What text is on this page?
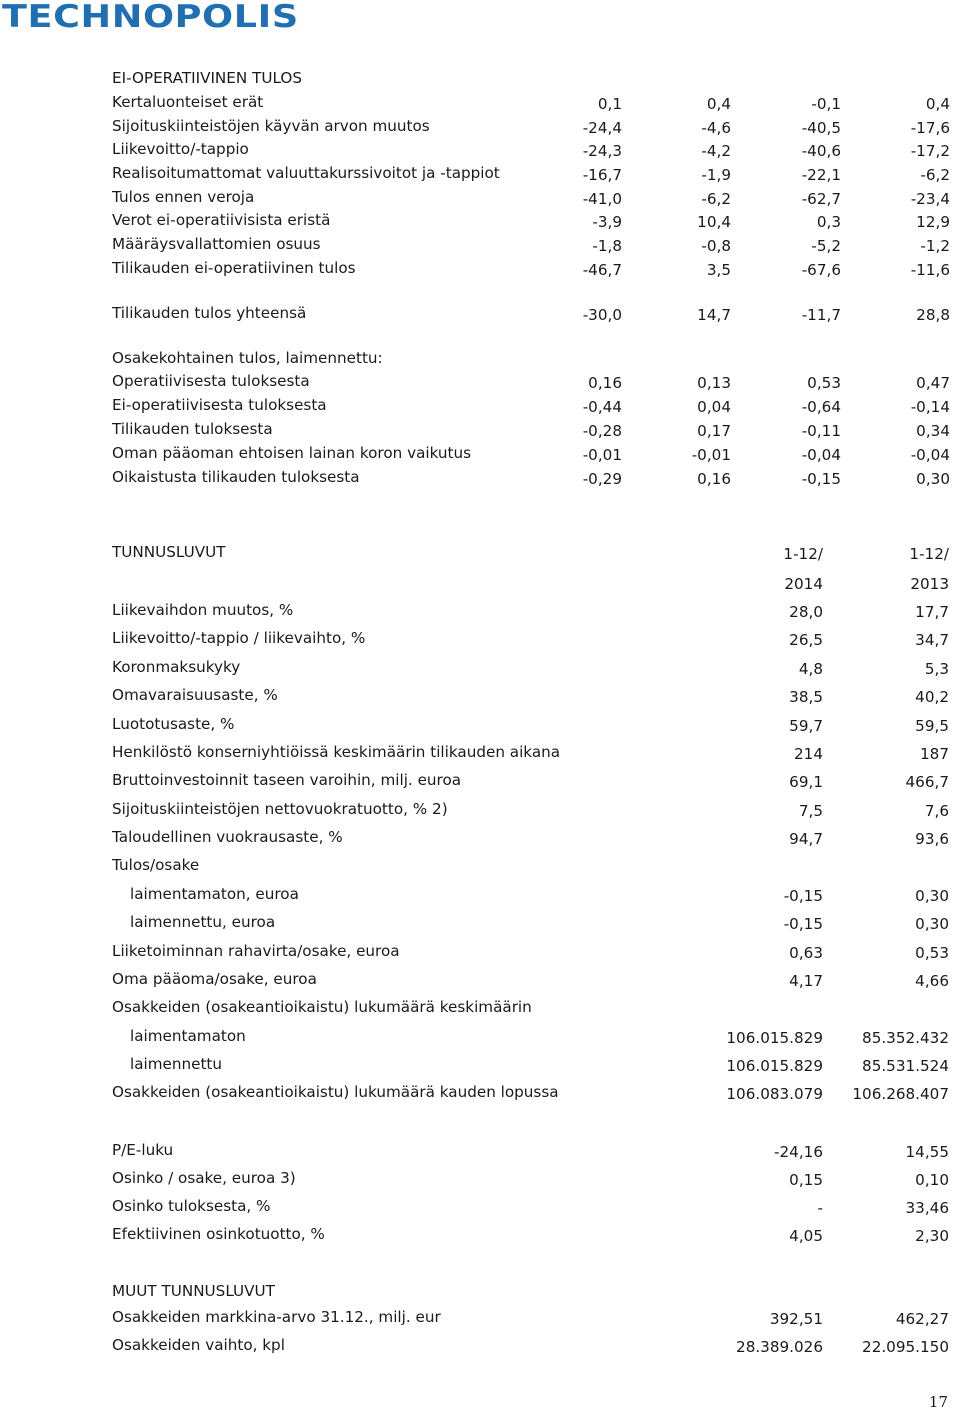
TECHNOPOLIS
EI-OPERATIIVINEN TULOS
Kertaluonteiset erät	0,1	0,4	-0,1	0,4
Sijoituskiinteistöjen käyvän arvon muutos	-24,4	-4,6	-40,5	-17,6
Liikevoitto/-tappio	-24,3	-4,2	-40,6	-17,2
Realisoitumattomat valuuttakurssivoitot ja -tappiot	-16,7	-1,9	-22,1	-6,2
Tulos ennen veroja	-41,0	-6,2	-62,7	-23,4
Verot ei-operatiivisista eristä	-3,9	10,4	0,3	12,9
Määräysvallattomien osuus	-1,8	-0,8	-5,2	-1,2
Tilikauden ei-operatiivinen tulos	-46,7	3,5	-67,6	-11,6
Tilikauden tulos yhteensä	-30,0	14,7	-11,7	28,8
Osakekohtainen tulos, laimennettu:
Operatiivisesta tuloksesta	0,16	0,13	0,53	0,47
Ei-operatiivisesta tuloksesta	-0,44	0,04	-0,64	-0,14
Tilikauden tuloksesta	-0,28	0,17	-0,11	0,34
Oman pääoman ehtoisen lainan koron vaikutus	-0,01	-0,01	-0,04	-0,04
Oikaistusta tilikauden tuloksesta	-0,29	0,16	-0,15	0,30
TUNNUSLUVUT	1-12/	1-12/
2014	2013
Liikevaihdon muutos, %	28,0	17,7
Liikevoitto/-tappio / liikevaihto, %	26,5	34,7
Koronmaksukyky	4,8	5,3
Omavaraisuusaste, %	38,5	40,2
Luototusaste, %	59,7	59,5
Henkilöstö konserniyhtiöissä keskimäärin tilikauden aikana	214	187
Bruttoinvestoinnit taseen varoihin, milj. euroa	69,1	466,7
Sijoituskiinteistöjen nettovuokratuotto, % 2)	7,5	7,6
Taloudellinen vuokrausaste, %	94,7	93,6
Tulos/osake
laimentamaton, euroa	-0,15	0,30
laimennettu, euroa	-0,15	0,30
Liiketoiminnan rahavirta/osake, euroa	0,63	0,53
Oma pääoma/osake, euroa	4,17	4,66
Osakkeiden (osakeantioikaistu) lukumäärä keskimäärin
laimentamaton	106.015.829	85.352.432
laimennettu	106.015.829	85.531.524
Osakkeiden (osakeantioikaistu) lukumäärä kauden lopussa	106.083.079	106.268.407
P/E-luku	-24,16	14,55
Osinko / osake, euroa 3)	0,15	0,10
Osinko tuloksesta, %	-	33,46
Efektiivinen osinkotuotto, %	4,05	2,30
MUUT TUNNUSLUVUT
Osakkeiden markkina-arvo 31.12., milj. eur	392,51	462,27
Osakkeiden vaihto, kpl	28.389.026	22.095.150
17
